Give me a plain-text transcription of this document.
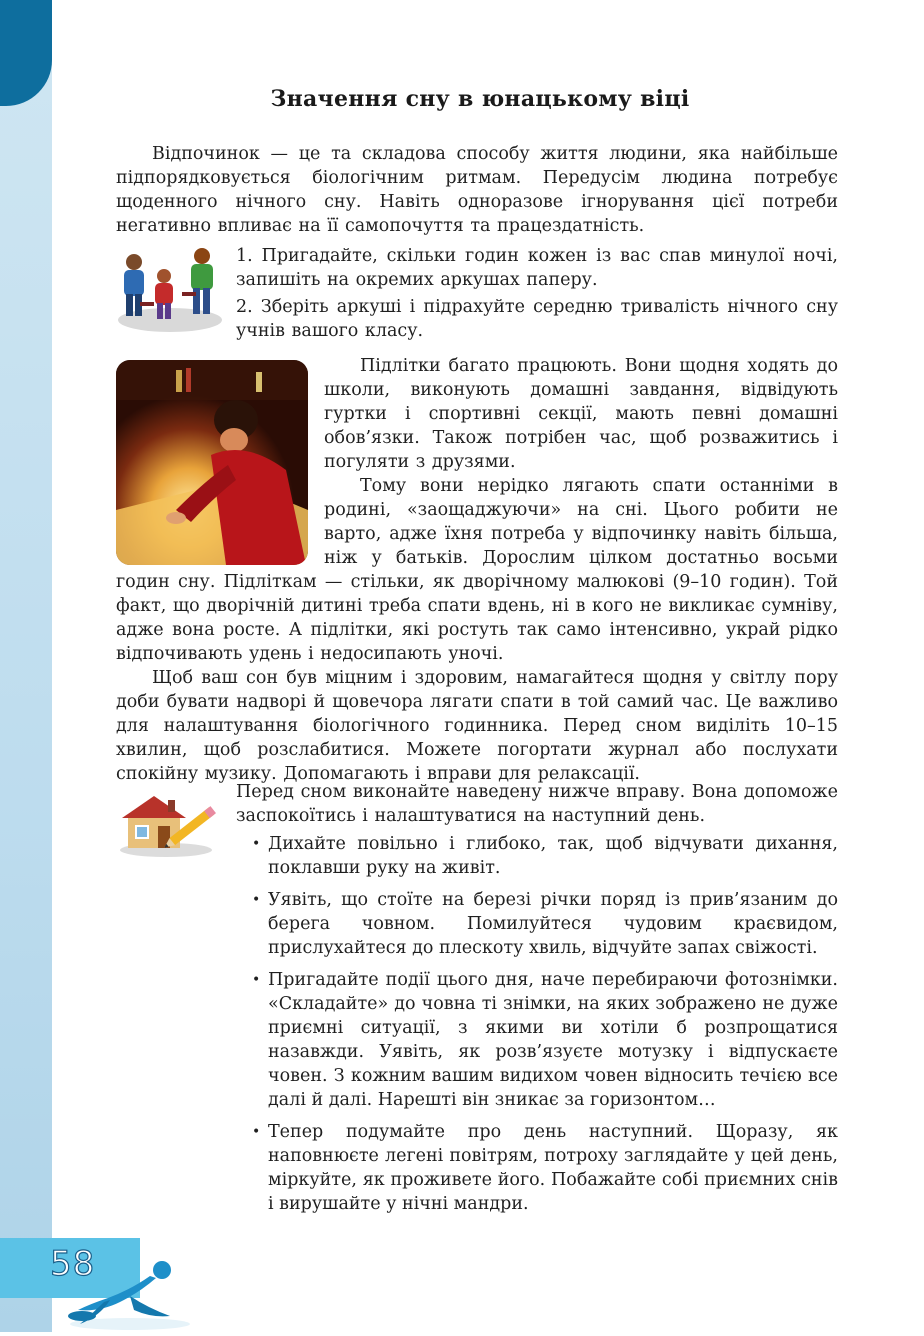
Значення сну в юнацькому віці

Відпочинок — це та складова способу життя людини, яка найбільше підпорядковується біологічним ритмам. Передусім людина потребує щоденного нічного сну. Навіть одноразове ігнорування цієї потреби негативно впливає на її самопочуття та працездатність.

1. Пригадайте, скільки годин кожен із вас спав минулої ночі, запишіть на окремих аркушах паперу.

2. Зберіть аркуші і підрахуйте середню тривалість нічного сну учнів вашого класу.

Підлітки багато працюють. Вони щодня ходять до школи, виконують домашні завдання, відвідують гуртки і спортивні секції, мають певні домашні обов’язки. Також потрібен час, щоб розважитись і погуляти з друзями.

Тому вони нерідко лягають спати останніми в родині, «заощаджуючи» на сні. Цього робити не варто, адже їхня потреба у відпочинку навіть більша, ніж у батьків. Дорослим цілком достатньо восьми годин сну. Підліткам — стільки, як дворічному малюкові (9–10 годин). Той факт, що дворічній дитині треба спати вдень, ні в кого не викликає сумніву, адже вона росте. А підлітки, які ростуть так само інтенсивно, украй рідко відпочивають удень і недосипають уночі.

Щоб ваш сон був міцним і здоровим, намагайтеся щодня у світлу пору доби бувати надворі й щовечора лягати спати в той самий час. Це важливо для налаштування біологічного годинника. Перед сном виділіть 10–15 хвилин, щоб розслабитися. Можете погортати журнал або послухати спокійну музику. Допомагають і вправи для релаксації.

Перед сном виконайте наведену нижче вправу. Вона допоможе заспокоїтись і налаштуватися на наступний день.

• Дихайте повільно і глибоко, так, щоб відчувати дихання, поклавши руку на живіт.
• Уявіть, що стоїте на березі річки поряд із прив’язаним до берега човном. Помилуйтеся чудовим краєвидом, прислухайтеся до плескоту хвиль, відчуйте запах свіжості.
• Пригадайте події цього дня, наче перебираючи фотознімки. «Складайте» до човна ті знімки, на яких зображено не дуже приємні ситуації, з якими ви хотіли б розпрощатися назавжди. Уявіть, як розв’язуєте мотузку і відпускаєте човен. З кожним вашим видихом човен відносить течією все далі й далі. Нарешті він зникає за горизонтом…
• Тепер подумайте про день наступний. Щоразу, як наповнюєте легені повітрям, потроху заглядайте у цей день, міркуйте, як проживете його. Побажайте собі приємних снів і вирушайте у нічні мандри.
58
